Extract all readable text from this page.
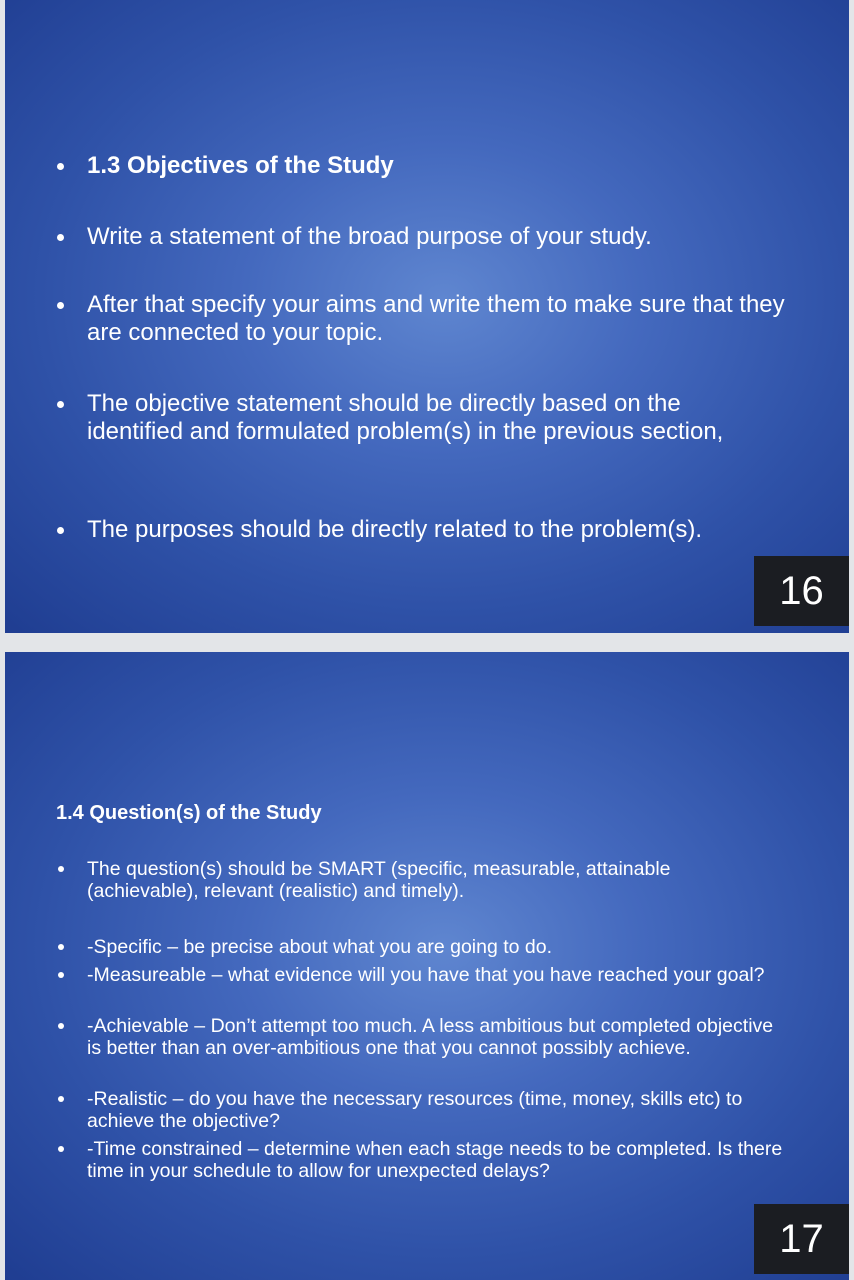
1.3 Objectives of the Study
Write a statement of the broad purpose of your study.
After that specify your aims and write them to make sure that they are connected to your topic.
The objective statement should be directly based on the identified and formulated problem(s) in the previous section,
The purposes should be directly related to the problem(s).
16
1.4 Question(s) of the Study
The question(s) should be SMART (specific, measurable, attainable (achievable), relevant (realistic) and timely).
-Specific – be precise about what you are going to do.
-Measureable – what evidence will you have that you have reached your goal?
-Achievable – Don’t attempt too much. A less ambitious but completed objective is better than an over-ambitious one that you cannot possibly achieve.
-Realistic – do you have the necessary resources (time, money, skills etc) to achieve the objective?
-Time constrained – determine when each stage needs to be completed. Is there time in your schedule to allow for unexpected delays?
17
